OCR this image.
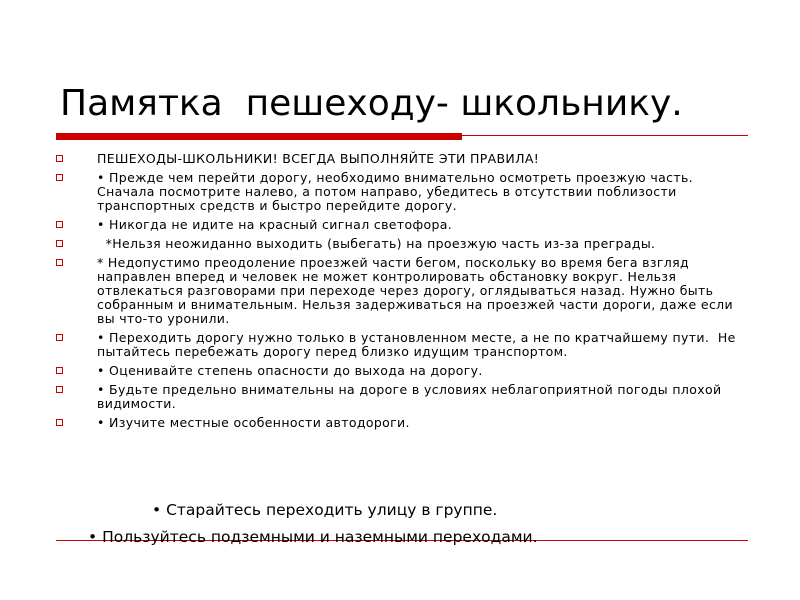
Памятка  пешеходу- школьнику.
ПЕШЕХОДЫ-ШКОЛЬНИКИ! ВСЕГДА ВЫПОЛНЯЙТЕ ЭТИ ПРАВИЛА!
• Прежде чем перейти дорогу, необходимо внимательно осмотреть проезжую часть. Сначала посмотрите налево, а потом направо, убедитесь в отсутствии поблизости транспортных средств и быстро перейдите дорогу.
• Никогда не идите на красный сигнал светофора.
*Нельзя неожиданно выходить (выбегать) на проезжую часть из-за преграды.
* Недопустимо преодоление проезжей части бегом, поскольку во время бега взгляд направлен вперед и человек не может контролировать обстановку вокруг. Нельзя отвлекаться разговорами при переходе через дорогу, оглядываться назад. Нужно быть собранным и внимательным. Нельзя задерживаться на проезжей части дороги, даже если вы что-то уронили.
• Переходить дорогу нужно только в установленном месте, а не по кратчайшему пути.  Не пытайтесь перебежать дорогу перед близко идущим транспортом.
• Оценивайте степень опасности до выхода на дорогу.
• Будьте предельно внимательны на дороге в условиях неблагоприятной погоды плохой видимости.
• Изучите местные особенности автодороги.
• Старайтесь переходить улицу в группе.
• Пользуйтесь подземными и наземными переходами.
